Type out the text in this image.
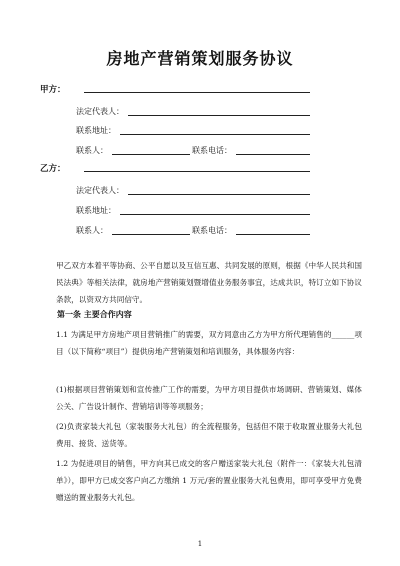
房地产营销策划服务协议
甲方：
法定代表人：
联系地址：
联系人：	联系电话：
乙方：
法定代表人：
联系地址：
联系人：	联系电话：
甲乙双方本着平等协商、公平自愿以及互信互惠、共同发展的原则，根据《中华人民共和国民法典》等相关法律，就房地产营销策划暨增值业务服务事宜，达成共识，特订立如下协议条款，以资双方共同信守。
第一条 主要合作内容
1.1 为满足甲方房地产项目营销推广的需要，双方同意由乙方为甲方所代理销售的______项目（以下简称“项目”）提供房地产营销策划和培训服务，具体服务内容：
(1)根据项目营销策划和宣传推广工作的需要，为甲方项目提供市场调研、营销策划、媒体公关、广告设计制作、营销培训等等项服务；
(2)负责家装大礼包（家装服务大礼包）的全流程服务，包括但不限于收取置业服务大礼包费用、接货、送货等。
1.2 为促进项目的销售，甲方向其已成交的客户赠送家装大礼包（附件一：《家装大礼包清单》），即甲方已成交客户向乙方缴纳 1 万元/套的置业服务大礼包费用，即可享受甲方免费赠送的置业服务大礼包。
1
